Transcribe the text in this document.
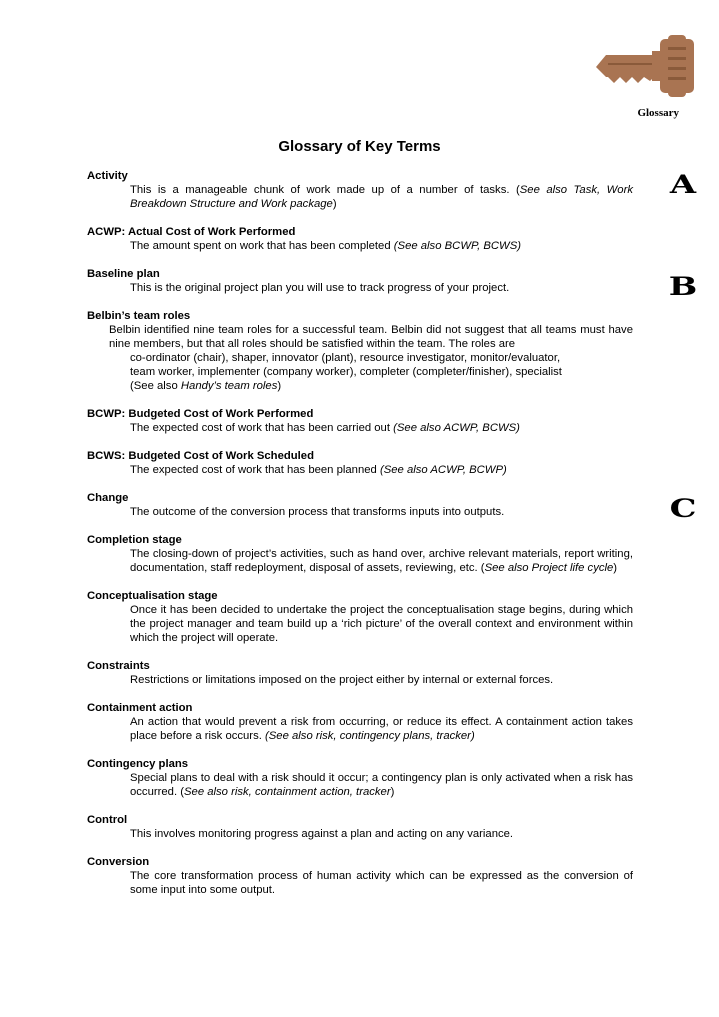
Glossary
Glossary of Key Terms
A
B
C

Activity

This is a manageable chunk of work made up of a number of tasks. (See also Task, Work Breakdown Structure and Work package)

ACWP: Actual Cost of Work Performed

The amount spent on work that has been completed (See also BCWP, BCWS)

Baseline plan

This is the original project plan you will use to track progress of your project.

Belbin’s team roles

Belbin identified nine team roles for a successful team. Belbin did not suggest that all teams must have nine members, but that all roles should be satisfied within the team. The roles are

co-ordinator (chair), shaper, innovator (plant), resource investigator, monitor/evaluator,

team worker, implementer (company worker), completer (completer/finisher), specialist

(See also Handy’s team roles)

BCWP: Budgeted Cost of Work Performed

The expected cost of work that has been carried out (See also ACWP, BCWS)

BCWS: Budgeted Cost of Work Scheduled

The expected cost of work that has been planned (See also ACWP, BCWP)

Change

The outcome of the conversion process that transforms inputs into outputs.

Completion stage

The closing-down of project’s activities, such as hand over, archive relevant materials, report writing, documentation, staff redeployment, disposal of assets, reviewing, etc. (See also Project life cycle)

Conceptualisation stage

Once it has been decided to undertake the project the conceptualisation stage begins, during which the project manager and team build up a ‘rich picture’ of the overall context and environment within which the project will operate.

Constraints

Restrictions or limitations imposed on the project either by internal or external forces.

Containment action

An action that would prevent a risk from occurring, or reduce its effect. A containment action takes place before a risk occurs. (See also risk, contingency plans, tracker)

Contingency plans

Special plans to deal with a risk should it occur; a contingency plan is only activated when a risk has occurred. (See also risk, containment action, tracker)

Control

This involves monitoring progress against a plan and acting on any variance.

Conversion

The core transformation process of human activity which can be expressed as the conversion of some input into some output.
